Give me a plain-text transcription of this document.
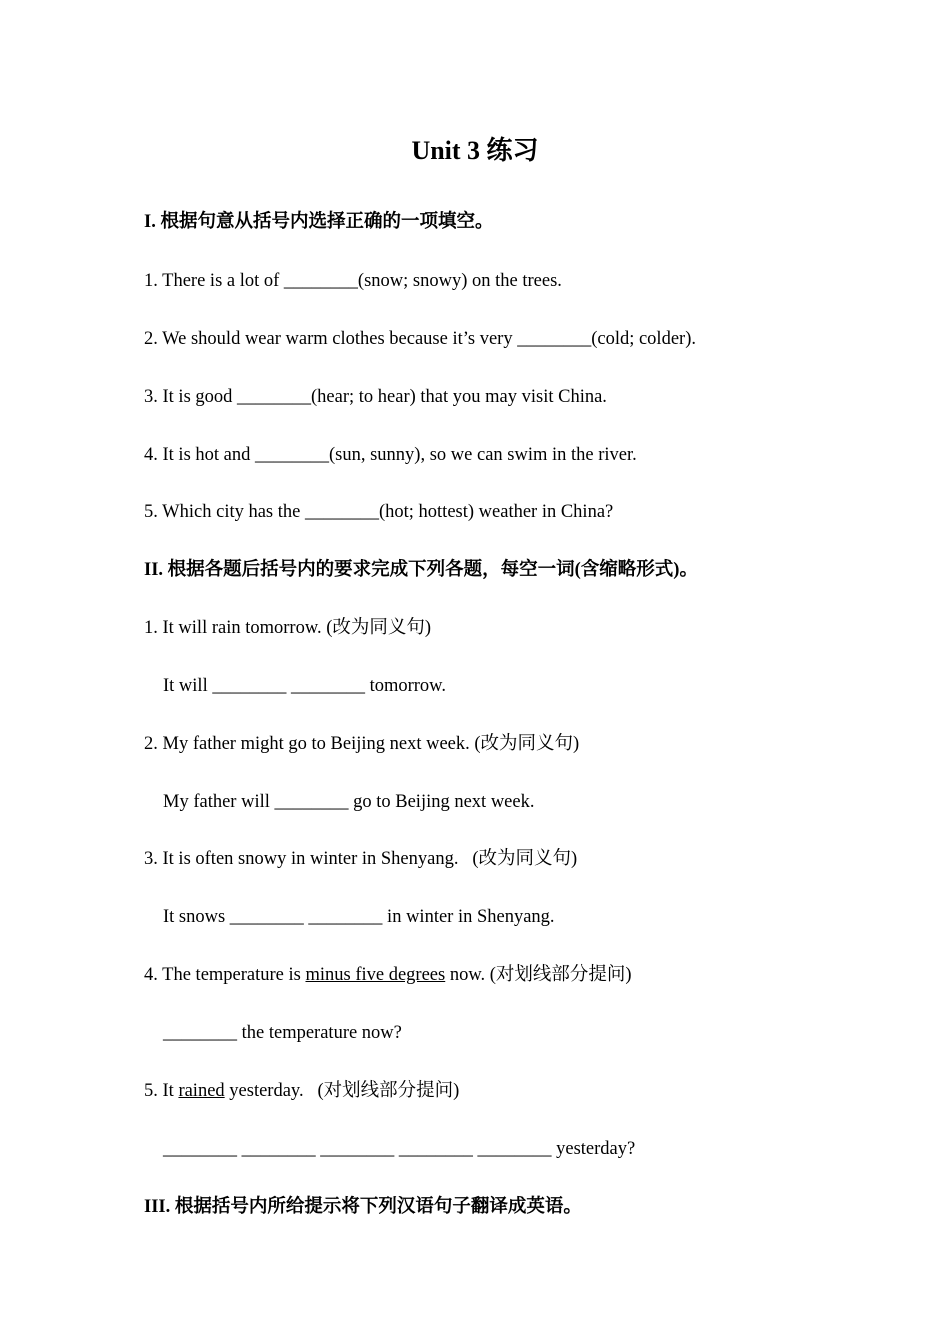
Unit 3 练习
I. 根据句意从括号内选择正确的一项填空。
1. There is a lot of ________(snow; snowy) on the trees.
2. We should wear warm clothes because it’s very ________(cold; colder).
3. It is good ________(hear; to hear) that you may visit China.
4. It is hot and ________(sun, sunny), so we can swim in the river.
5. Which city has the ________(hot; hottest) weather in China?
II. 根据各题后括号内的要求完成下列各题，每空一词(含缩略形式)。
1. It will rain tomorrow. (改为同义句)
It will ________ ________ tomorrow.
2. My father might go to Beijing next week. (改为同义句)
My father will ________ go to Beijing next week.
3. It is often snowy in winter in Shenyang.   (改为同义句)
It snows ________ ________ in winter in Shenyang.
4. The temperature is minus five degrees now. (对划线部分提问)
________ the temperature now?
5. It rained yesterday.   (对划线部分提问)
________ ________ ________ ________ ________ yesterday?
III. 根据括号内所给提示将下列汉语句子翻译成英语。
